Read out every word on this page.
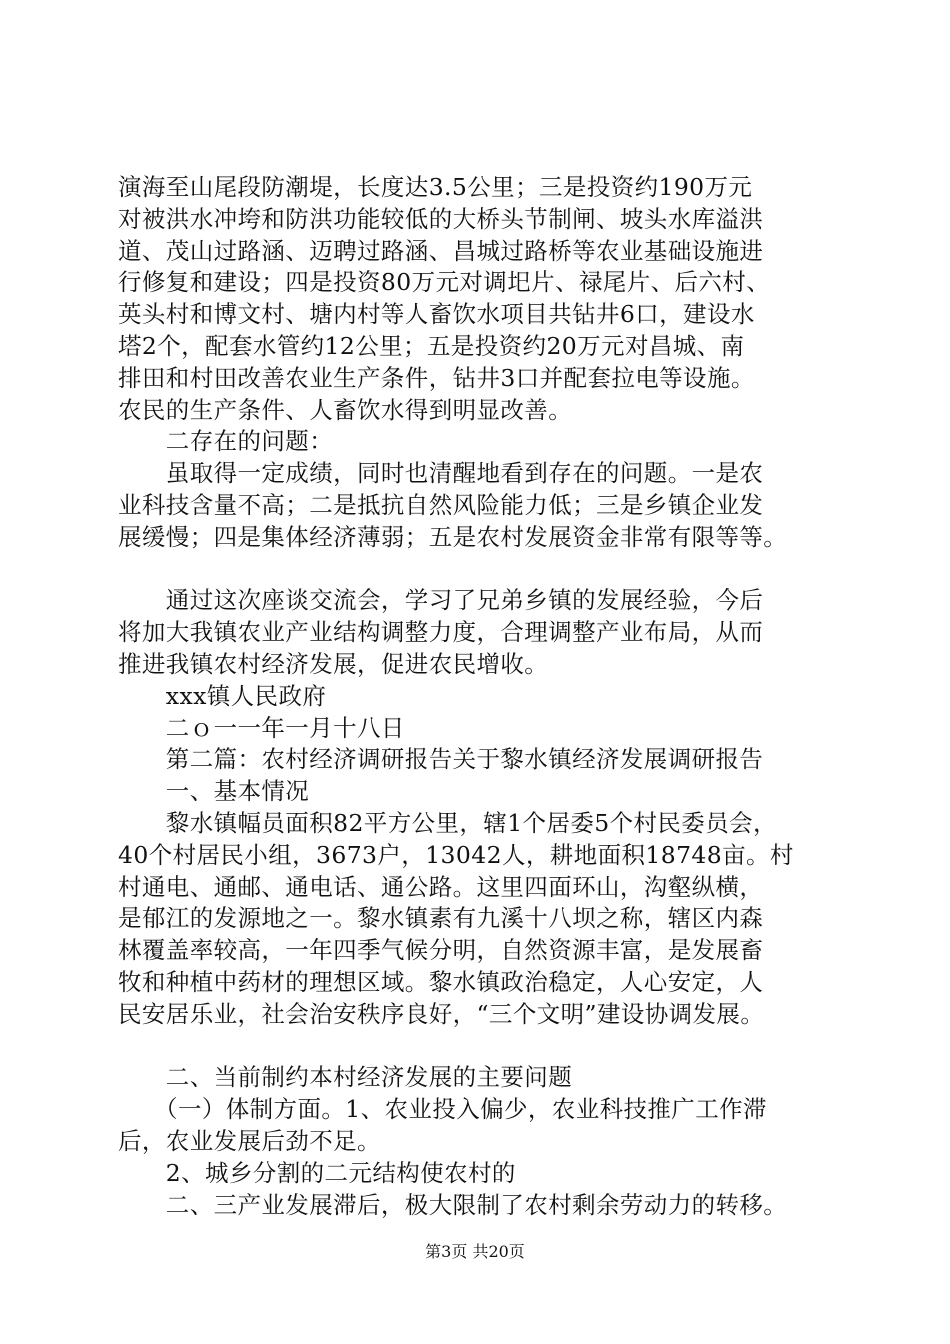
演海至山尾段防潮堤，长度达3.5公里；三是投资约190万元
对被洪水冲垮和防洪功能较低的大桥头节制闸、坡头水库溢洪
道、茂山过路涵、迈聘过路涵、昌城过路桥等农业基础设施进
行修复和建设；四是投资80万元对调圯片、禄尾片、后六村、
英头村和博文村、塘内村等人畜饮水项目共钻井6口，建设水
塔2个，配套水管约12公里；五是投资约20万元对昌城、南
排田和村田改善农业生产条件，钻井3口并配套拉电等设施。
农民的生产条件、人畜饮水得到明显改善。
　　二存在的问题：
　　虽取得一定成绩，同时也清醒地看到存在的问题。一是农
业科技含量不高；二是抵抗自然风险能力低；三是乡镇企业发
展缓慢；四是集体经济薄弱；五是农村发展资金非常有限等等。
　　通过这次座谈交流会，学习了兄弟乡镇的发展经验，今后
将加大我镇农业产业结构调整力度，合理调整产业布局，从而
推进我镇农村经济发展，促进农民增收。
　　xxx镇人民政府
　　二ｏ一一年一月十八日
　　第二篇：农村经济调研报告关于黎水镇经济发展调研报告
　　一、基本情况
　　黎水镇幅员面积82平方公里，辖1个居委5个村民委员会，
40个村居民小组，3673户，13042人，耕地面积18748亩。村
村通电、通邮、通电话、通公路。这里四面环山，沟壑纵横，
是郁江的发源地之一。黎水镇素有九溪十八坝之称，辖区内森
林覆盖率较高，一年四季气候分明，自然资源丰富，是发展畜
牧和种植中药材的理想区域。黎水镇政治稳定，人心安定，人
民安居乐业，社会治安秩序良好，“三个文明”建设协调发展。
　　二、当前制约本村经济发展的主要问题
　　（一）体制方面。1、农业投入偏少，农业科技推广工作滞
后，农业发展后劲不足。
　　2、城乡分割的二元结构使农村的
　　二、三产业发展滞后，极大限制了农村剩余劳动力的转移。
第3页 共20页
